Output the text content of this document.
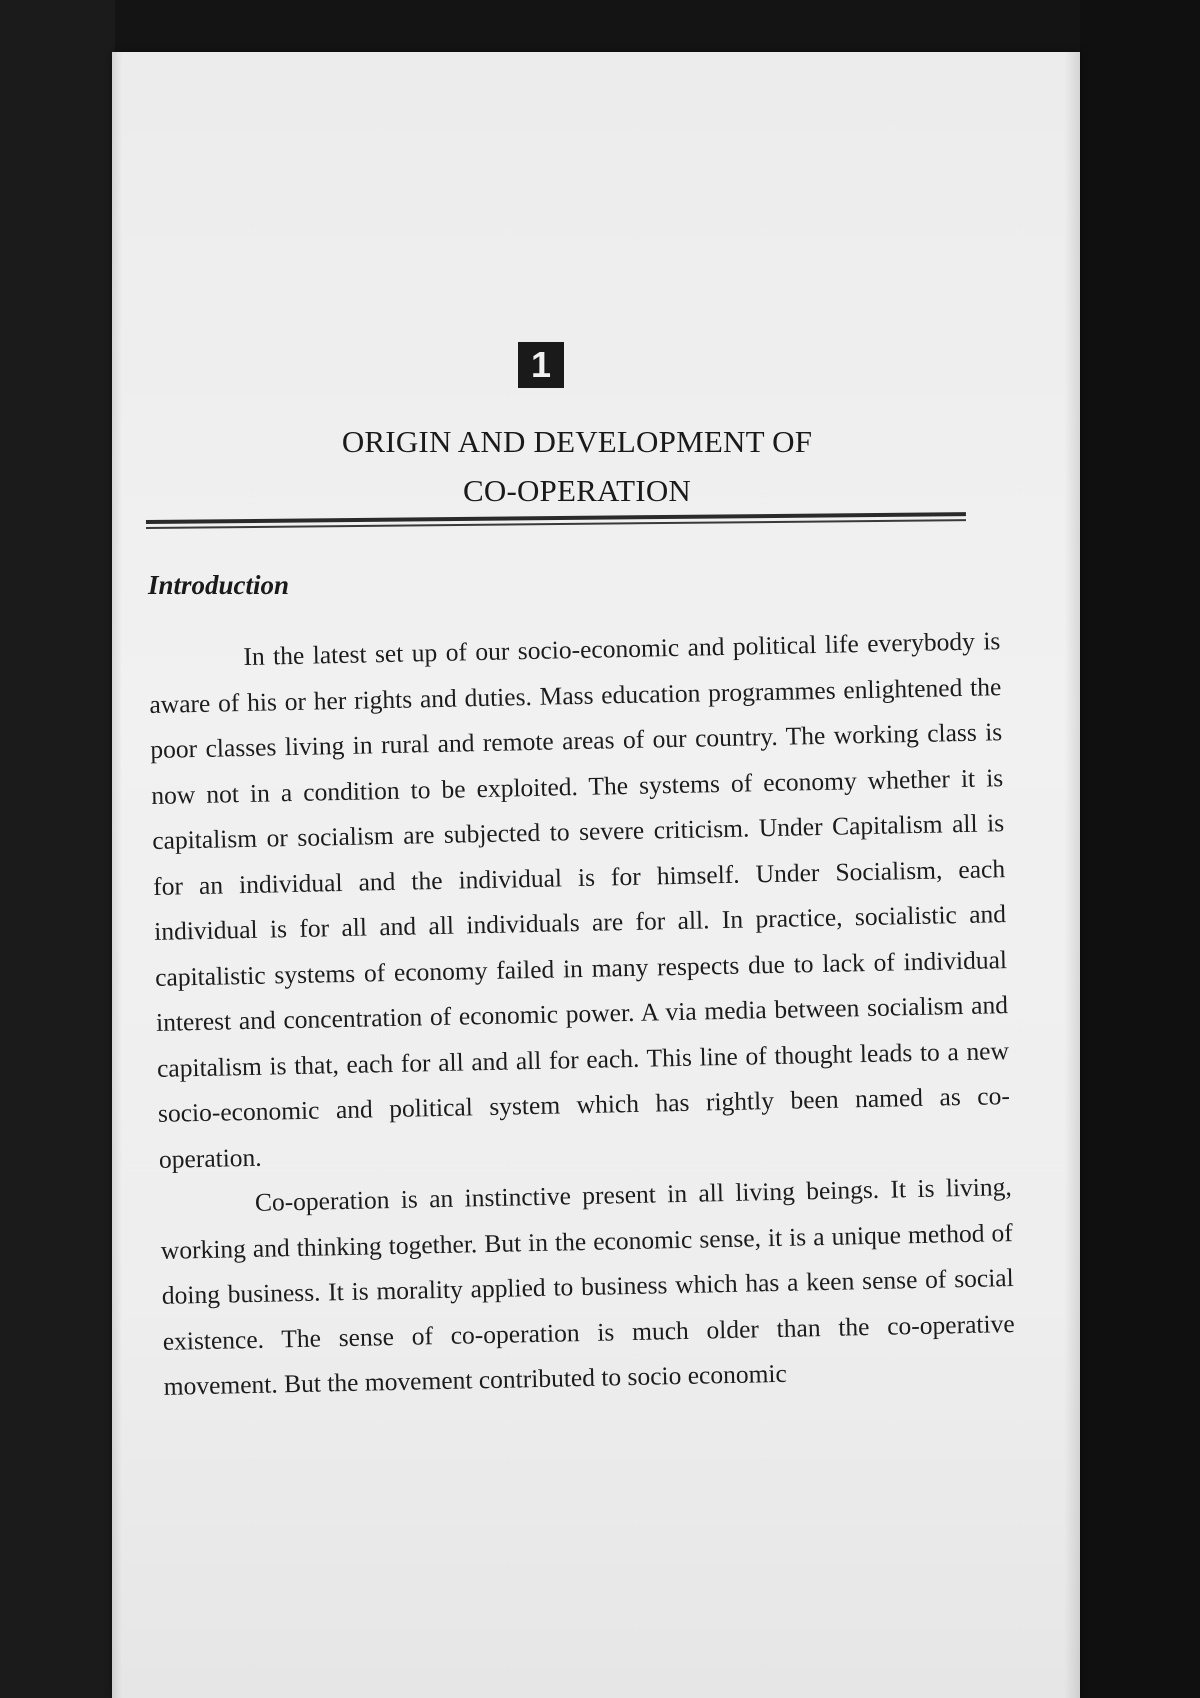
1
ORIGIN AND DEVELOPMENT OF
CO-OPERATION
Introduction

In the latest set up of our socio-economic and political life everybody is aware of his or her rights and duties. Mass education programmes enlightened the poor classes living in rural and remote areas of our country. The working class is now not in a condition to be exploited. The systems of economy whether it is capitalism or socialism are subjected to severe criticism. Under Capitalism all is for an individual and the individual is for himself. Under Socialism, each individual is for all and all individuals are for all. In practice, socialistic and capitalistic systems of economy failed in many respects due to lack of individual interest and concentration of economic power. A via media between socialism and capitalism is that, each for all and all for each. This line of thought leads to a new socio-economic and political system which has rightly been named as co-operation.

Co-operation is an instinctive present in all living beings. It is living, working and thinking together. But in the economic sense, it is a unique method of doing business. It is morality applied to business which has a keen sense of social existence. The sense of co-operation is much older than the co-operative movement. But the movement contributed to socio economic
